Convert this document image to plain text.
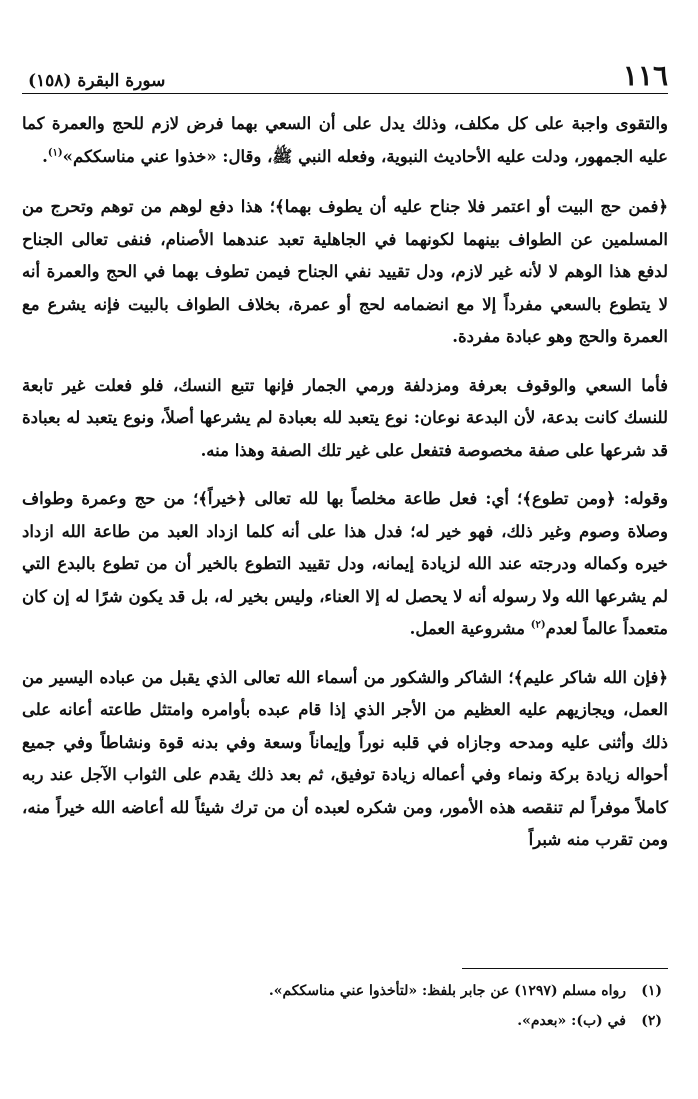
١١٦
سورة البقرة (١٥٨)

والتقوى واجبة على كل مكلف، وذلك يدل على أن السعي بهما فرض لازم للحج والعمرة كما عليه الجمهور، ودلت عليه الأحاديث النبوية، وفعله النبي ﷺ، وقال: «خذوا عني مناسككم»$^{(١)}$.

﴿فمن حج البيت أو اعتمر فلا جناح عليه أن يطوف بهما﴾؛ هذا دفع لوهم من توهم وتحرج من المسلمين عن الطواف بينهما لكونهما في الجاهلية تعبد عندهما الأصنام، فنفى تعالى الجناح لدفع هذا الوهم لا لأنه غير لازم، ودل تقييد نفي الجناح فيمن تطوف بهما في الحج والعمرة أنه لا يتطوع بالسعي مفرداً إلا مع انضمامه لحج أو عمرة، بخلاف الطواف بالبيت فإنه يشرع مع العمرة والحج وهو عبادة مفردة.

فأما السعي والوقوف بعرفة ومزدلفة ورمي الجمار فإنها تتبع النسك، فلو فعلت غير تابعة للنسك كانت بدعة، لأن البدعة نوعان: نوع يتعبد لله بعبادة لم يشرعها أصلاً، ونوع يتعبد له بعبادة قد شرعها على صفة مخصوصة فتفعل على غير تلك الصفة وهذا منه.

وقوله: ﴿ومن تطوع﴾؛ أي: فعل طاعة مخلصاً بها لله تعالى ﴿خيراً﴾؛ من حج وعمرة وطواف وصلاة وصوم وغير ذلك، فهو خير له؛ فدل هذا على أنه كلما ازداد العبد من طاعة الله ازداد خيره وكماله ودرجته عند الله لزيادة إيمانه، ودل تقييد التطوع بالخير أن من تطوع بالبدع التي لم يشرعها الله ولا رسوله أنه لا يحصل له إلا العناء، وليس بخير له، بل قد يكون شرًا له إن كان متعمداً عالماً لعدم$^{(٢)}$ مشروعية العمل.

﴿فإن الله شاكر عليم﴾؛ الشاكر والشكور من أسماء الله تعالى الذي يقبل من عباده اليسير من العمل، ويجازيهم عليه العظيم من الأجر الذي إذا قام عبده بأوامره وامتثل طاعته أعانه على ذلك وأثنى عليه ومدحه وجازاه في قلبه نوراً وإيماناً وسعة وفي بدنه قوة ونشاطاً وفي جميع أحواله زيادة بركة ونماء وفي أعماله زيادة توفيق، ثم بعد ذلك يقدم على الثواب الآجل عند ربه كاملاً موفراً لم تنقصه هذه الأمور، ومن شكره لعبده أن من ترك شيئاً لله أعاضه الله خيراً منه، ومن تقرب منه شبراً

(١)رواه مسلم (١٢٩٧) عن جابر بلفظ: «لتأخذوا عني مناسككم».
(٢)في (ب): «بعدم».
